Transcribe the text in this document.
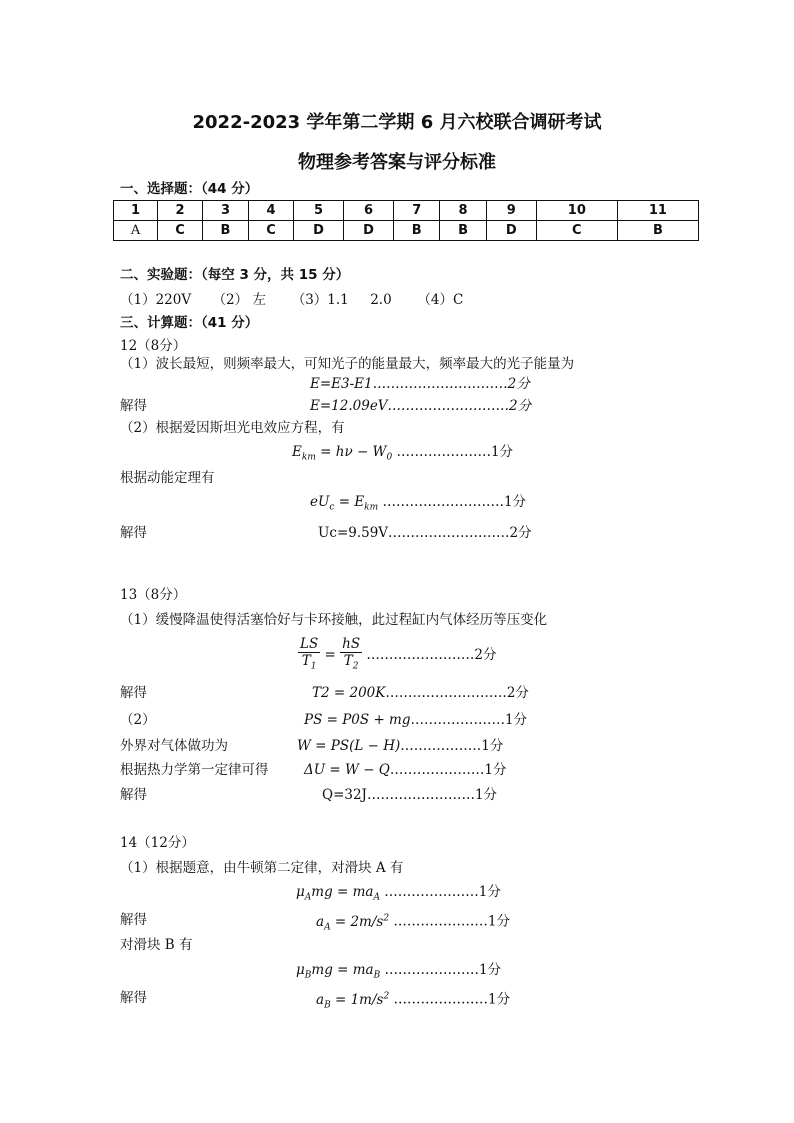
2022-2023 学年第二学期 6 月六校联合调研考试
物理参考答案与评分标准
一、选择题：（44 分）
1	2	3	4	5	6	7	8	9	10	11
A	C	B	C	D	D	B	B	D	C	B
二、实验题：（每空 3 分，共 15 分）
（1）220V     （2） 左      （3）1.1     2.0      （4）C
三、计算题：（41 分）
12（8分）
（1）波长最短，则频率最大，可知光子的能量最大，频率最大的光子能量为
E=E3-E1…………………………2分
解得	E=12.09eV………………………2分
（2）根据爱因斯坦光电效应方程，有
$E_{km} = h\nu - W_0$ …………………1分
根据动能定理有
$eU_c = E_{km}$ ………………………1分
解得	Uc=9.59V………………………2分
13（8分）
（1）缓慢降温使得活塞恰好与卡环接触，此过程缸内气体经历等压变化
$\frac{LS}{T_1} = \frac{hS}{T_2}$ ……………………2分
解得	T2 = 200K………………………2分
（2）	PS = P0S + mg…………………1分
外界对气体做功为	W = PS(L − H)………………1分
根据热力学第一定律可得	ΔU = W − Q…………………1分
解得	Q=32J……………………1分
14（12分）
（1）根据题意，由牛顿第二定律，对滑块 A 有
$\mu_Amg = ma_A$ …………………1分
解得	$a_A = 2m/s^2$ …………………1分
对滑块 B 有
$\mu_Bmg = ma_B$ …………………1分
解得	$a_B = 1m/s^2$ …………………1分
